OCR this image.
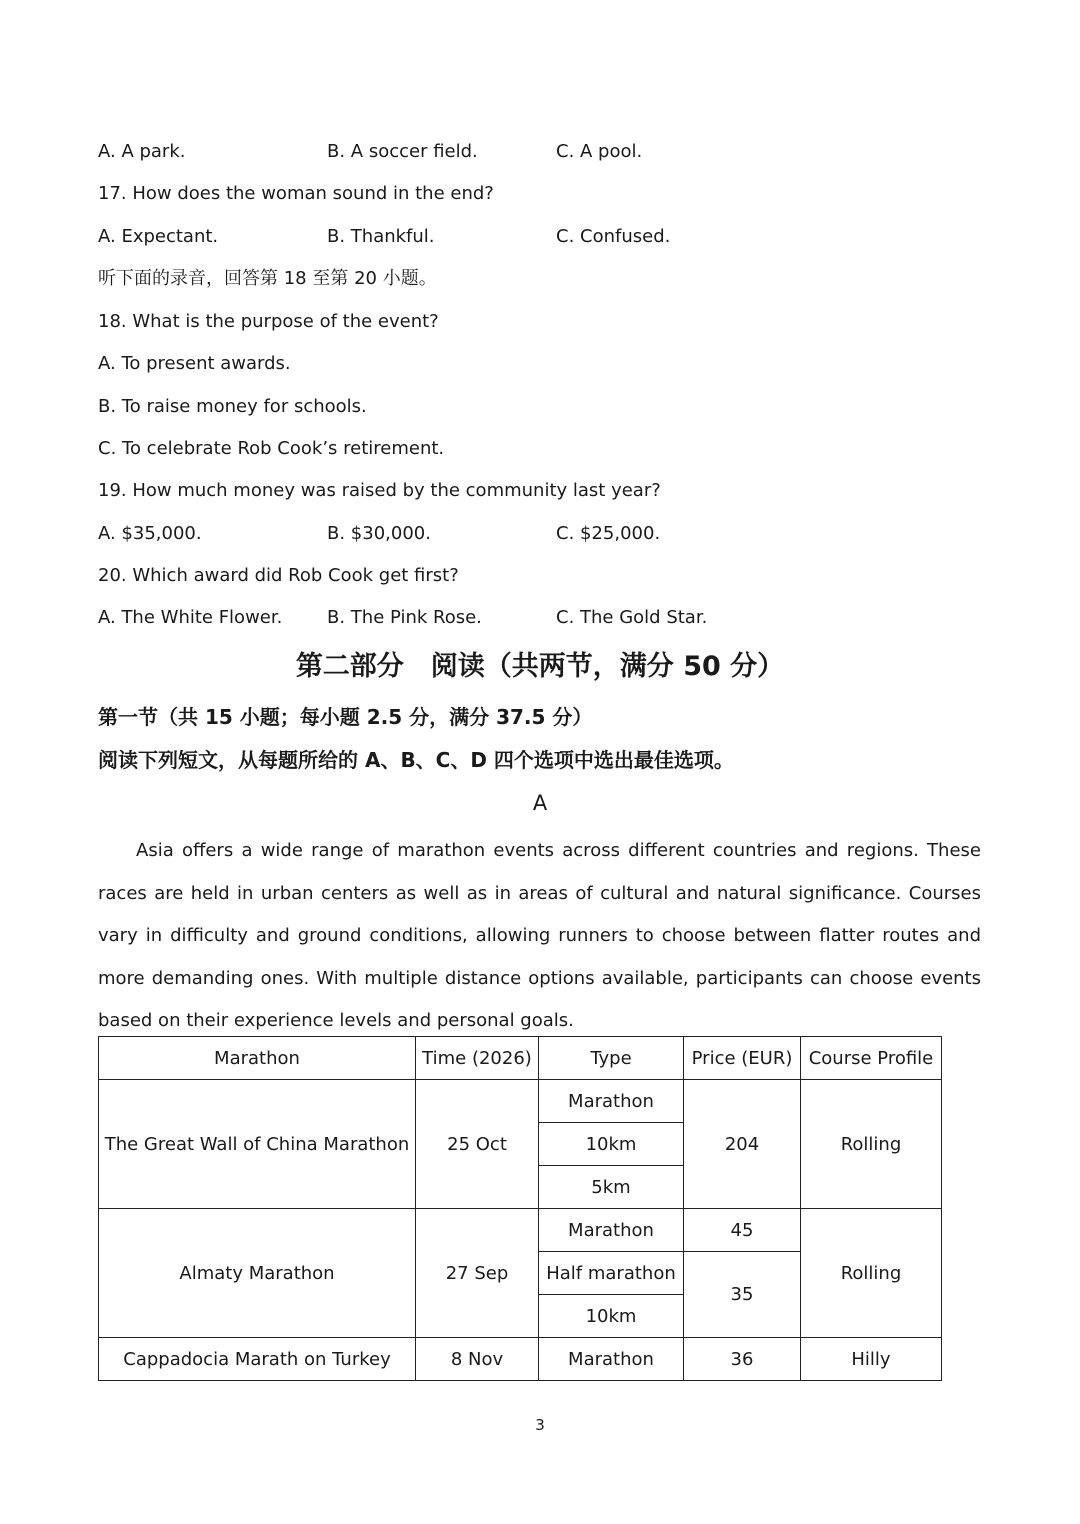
A. A park.	B. A soccer field.	C. A pool.
17. How does the woman sound in the end?
A. Expectant.	B. Thankful.	C. Confused.
听下面的录音，回答第 18 至第 20 小题。
18. What is the purpose of the event?
A. To present awards.
B. To raise money for schools.
C. To celebrate Rob Cook’s retirement.
19. How much money was raised by the community last year?
A. $35,000.	B. $30,000.	C. $25,000.
20. Which award did Rob Cook get first?
A. The White Flower. B. The Pink Rose.	C. The Gold Star.
第二部分　阅读（共两节，满分 50 分）
第一节（共 15 小题；每小题 2.5 分，满分 37.5 分）
阅读下列短文，从每题所给的 A、B、C、D 四个选项中选出最佳选项。
A
Asia offers a wide range of marathon events across different countries and regions. These races are held in urban centers as well as in areas of cultural and natural significance. Courses vary in difficulty and ground conditions, allowing runners to choose between flatter routes and more demanding ones. With multiple distance options available, participants can choose events based on their experience levels and personal goals.
Marathon	Time (2026)	Type	Price (EUR)	Course Profile
The Great Wall of China Marathon	25 Oct	Marathon	204	Rolling
		10km		
		5km		
Almaty Marathon	27 Sep	Marathon	45	Rolling
		Half marathon	35	
		10km		
Cappadocia Marath on Turkey	8 Nov	Marathon	36	Hilly
3
